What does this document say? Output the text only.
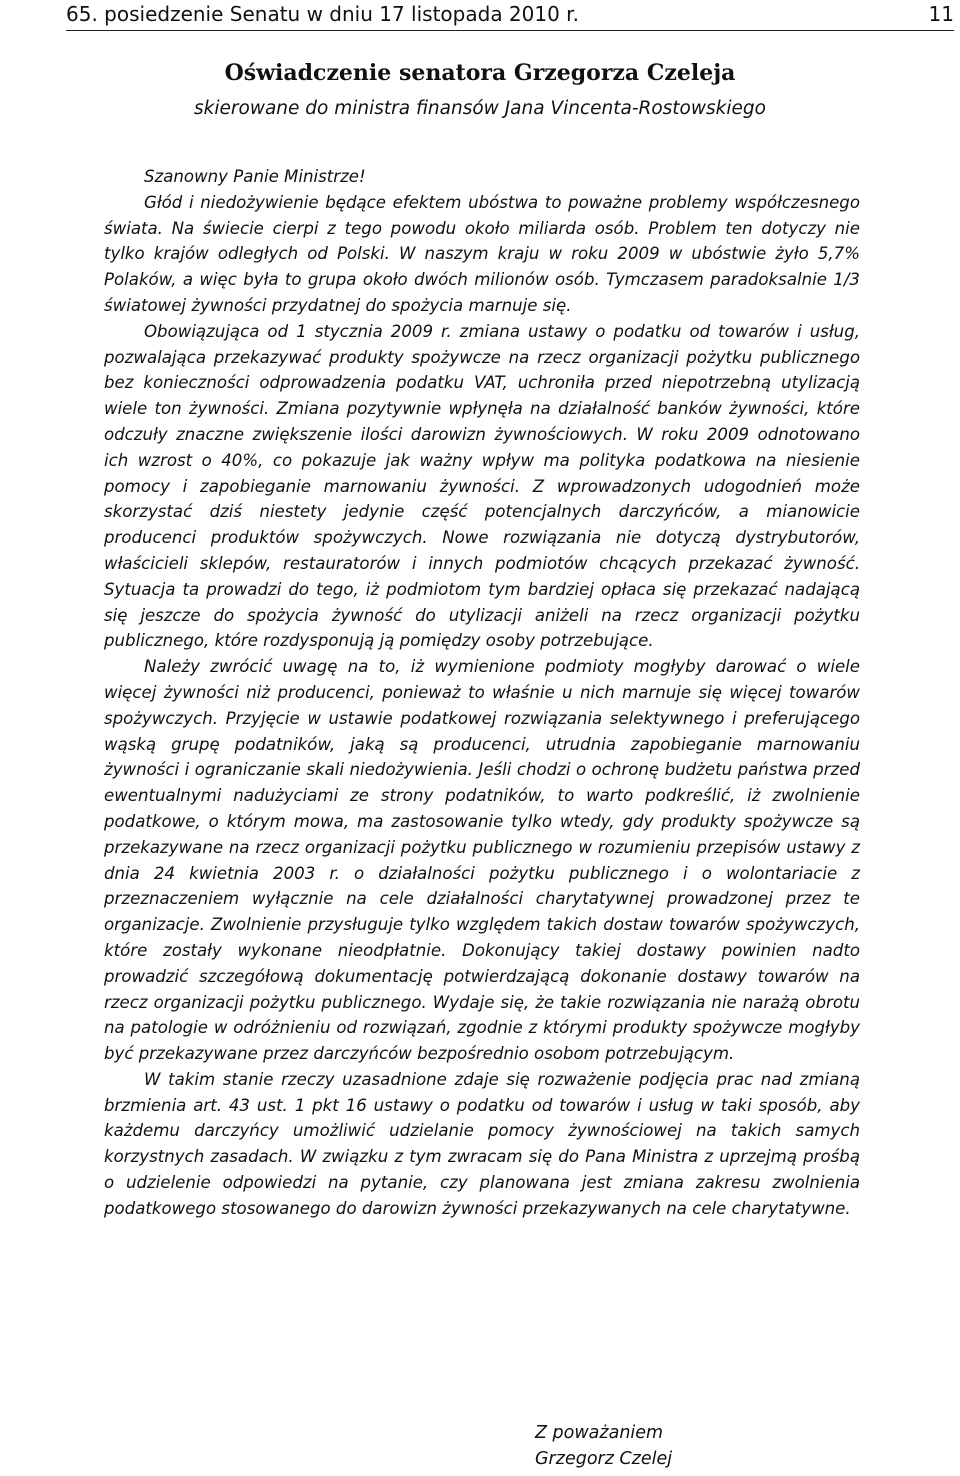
65. posiedzenie Senatu w dniu 17 listopada 2010 r.	11
Oświadczenie senatora Grzegorza Czeleja
skierowane do ministra finansów Jana Vincenta-Rostowskiego

Szanowny Panie Ministrze!

Głód i niedożywienie będące efektem ubóstwa to poważne problemy współczesnego świata. Na świecie cierpi z tego powodu około miliarda osób. Problem ten dotyczy nie tylko krajów odległych od Polski. W naszym kraju w roku 2009 w ubóstwie żyło 5,7% Polaków, a więc była to grupa około dwóch milionów osób. Tymczasem paradoksalnie 1/3 światowej żywności przydatnej do spożycia marnuje się.

Obowiązująca od 1 stycznia 2009 r. zmiana ustawy o podatku od towarów i usług, pozwalająca przekazywać produkty spożywcze na rzecz organizacji pożytku publicznego bez konieczności odprowadzenia podatku VAT, uchroniła przed niepotrzebną utylizacją wiele ton żywności. Zmiana pozytywnie wpłynęła na działalność banków żywności, które odczuły znaczne zwiększenie ilości darowizn żywnościowych. W roku 2009 odnotowano ich wzrost o 40%, co pokazuje jak ważny wpływ ma polityka podatkowa na niesienie pomocy i zapobieganie marnowaniu żywności. Z wprowadzonych udogodnień może skorzystać dziś niestety jedynie część potencjalnych darczyńców, a mianowicie producenci produktów spożywczych. Nowe rozwiązania nie dotyczą dystrybutorów, właścicieli sklepów, restauratorów i innych podmiotów chcących przekazać żywność. Sytuacja ta prowadzi do tego, iż podmiotom tym bardziej opłaca się przekazać nadającą się jeszcze do spożycia żywność do utylizacji aniżeli na rzecz organizacji pożytku publicznego, które rozdysponują ją pomiędzy osoby potrzebujące.

Należy zwrócić uwagę na to, iż wymienione podmioty mogłyby darować o wiele więcej żywności niż producenci, ponieważ to właśnie u nich marnuje się więcej towarów spożywczych. Przyjęcie w ustawie podatkowej rozwiązania selektywnego i preferującego wąską grupę podatników, jaką są producenci, utrudnia zapobieganie marnowaniu żywności i ograniczanie skali niedożywienia. Jeśli chodzi o ochronę budżetu państwa przed ewentualnymi nadużyciami ze strony podatników, to warto podkreślić, iż zwolnienie podatkowe, o którym mowa, ma zastosowanie tylko wtedy, gdy produkty spożywcze są przekazywane na rzecz organizacji pożytku publicznego w rozumieniu przepisów ustawy z dnia 24 kwietnia 2003 r. o działalności pożytku publicznego i o wolontariacie z przeznaczeniem wyłącznie na cele działalności charytatywnej prowadzonej przez te organizacje. Zwolnienie przysługuje tylko względem takich dostaw towarów spożywczych, które zostały wykonane nieodpłatnie. Dokonujący takiej dostawy powinien nadto prowadzić szczegółową dokumentację potwierdzającą dokonanie dostawy towarów na rzecz organizacji pożytku publicznego. Wydaje się, że takie rozwiązania nie narażą obrotu na patologie w odróżnieniu od rozwiązań, zgodnie z którymi produkty spożywcze mogłyby być przekazywane przez darczyńców bezpośrednio osobom potrzebującym.

W takim stanie rzeczy uzasadnione zdaje się rozważenie podjęcia prac nad zmianą brzmienia art. 43 ust. 1 pkt 16 ustawy o podatku od towarów i usług w taki sposób, aby każdemu darczyńcy umożliwić udzielanie pomocy żywnościowej na takich samych korzystnych zasadach. W związku z tym zwracam się do Pana Ministra z uprzejmą prośbą o udzielenie odpowiedzi na pytanie, czy planowana jest zmiana zakresu zwolnienia podatkowego stosowanego do darowizn żywności przekazywanych na cele charytatywne.

Z poważaniem
Grzegorz Czelej
